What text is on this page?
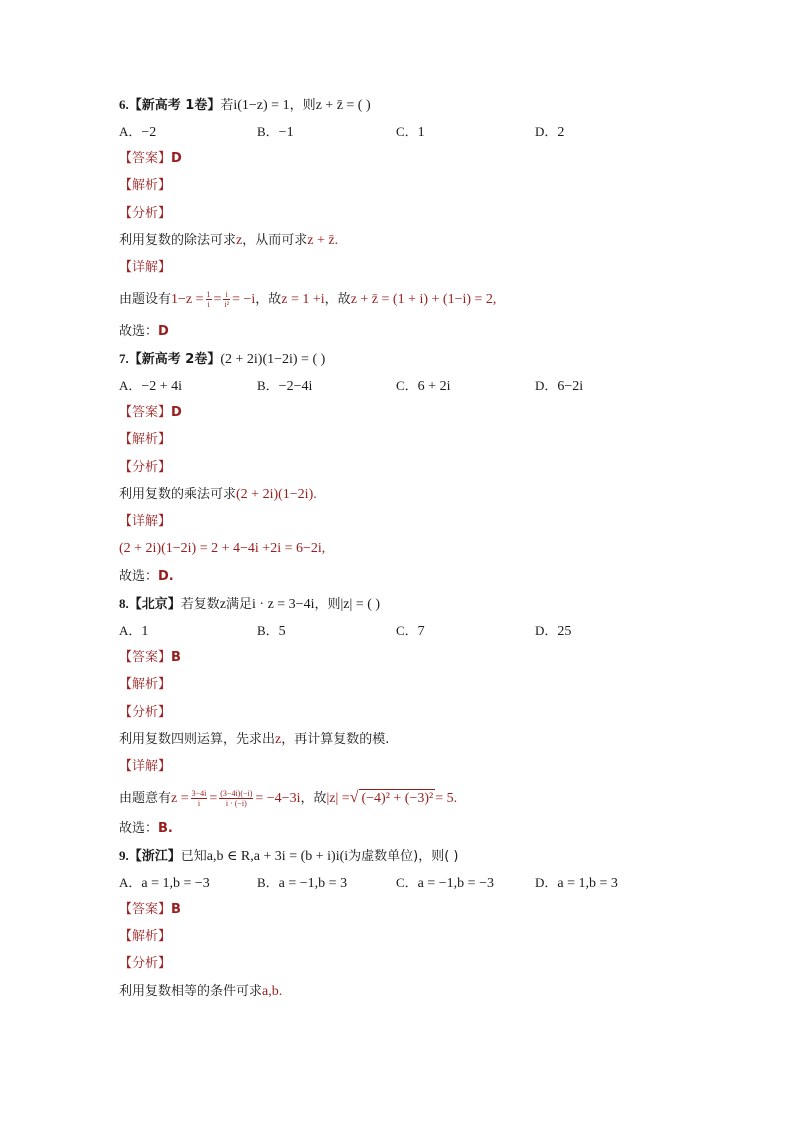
6.【新高考 1卷】若i(1−z) = 1，则z + z̄ = ( )
A．−2	B．−1	C．1	D．2
【答案】D
【解析】
【分析】
利用复数的除法可求z，从而可求z + z̄.
【详解】
由题设有$1-z = \frac{1}{i} = \frac{i}{\text{i²}} = -i$，故z = 1 +i，故z + z̄ = (1 + i) + (1−i) = 2,
故选：D
7.【新高考 2卷】(2 + 2i)(1−2i) = ( )
A．−2 + 4i	B．−2−4i	C．6 + 2i	D．6−2i
【答案】D
【解析】
【分析】
利用复数的乘法可求(2 + 2i)(1−2i).
【详解】
(2 + 2i)(1−2i) = 2 + 4−4i +2i = 6−2i,
故选：D.
8.【北京】若复数z满足i · z = 3−4i，则|z| = ( )
A．1	B．5	C．7	D．25
【答案】B
【解析】
【分析】
利用复数四则运算，先求出z，再计算复数的模.
【详解】
由题意有$z = \frac{3-4i}{i} = \frac{(3-4i)(-i)}{i \cdot (-i)} = -4-3i$，故|z| =√ (−4)² + (−3)² = 5.
故选：B.
9.【浙江】已知a,b ∈ R,a + 3i = (b + i)i(i为虚数单位)，则( )
A．a = 1,b = −3	B．a = −1,b = 3	C．a = −1,b = −3	D．a = 1,b = 3
【答案】B
【解析】
【分析】
利用复数相等的条件可求a,b.
